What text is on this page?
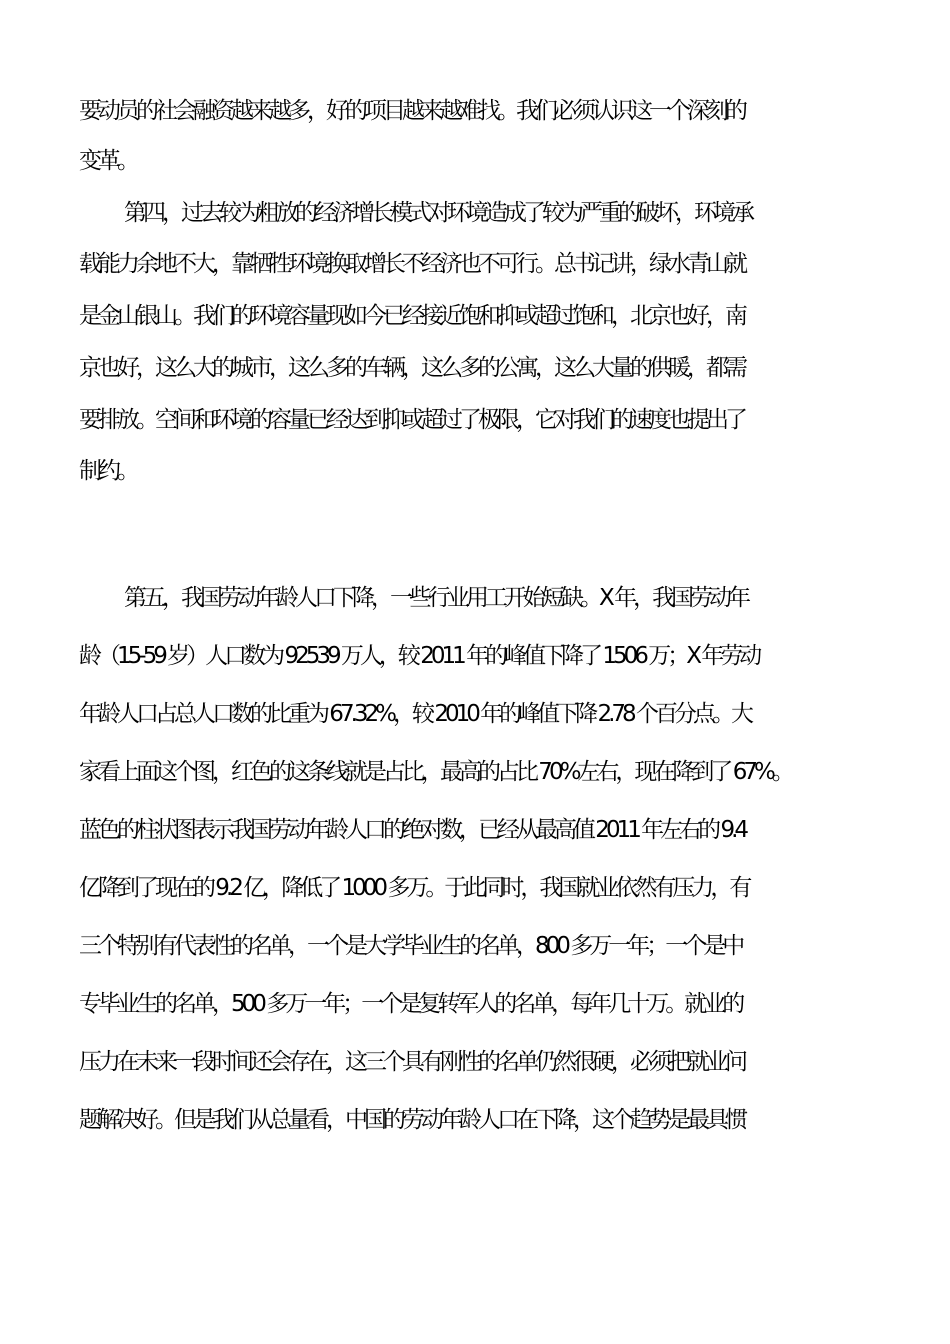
要动员的社会融资越来越多，好的项目越来越难找。我们必须认识这一个深刻的
变革。
第四，过去较为粗放的经济增长模式对环境造成了较为严重的破坏，环境承
载能力余地不大，靠牺牲环境换取增长不经济也不可行。总书记讲，绿水青山就
是金山银山。我们的环境容量现如今已经接近饱和抑或超过饱和，北京也好，南
京也好，这么大的城市，这么多的车辆，这么多的公寓，这么大量的供暖，都需
要排放。空间和环境的容量已经达到抑或超过了极限，它对我们的速度也提出了
制约。
第五，我国劳动年龄人口下降，一些行业用工开始短缺。X 年，我国劳动年
龄（15-59 岁）人口数为 92539 万人，较 2011 年的峰值下降了 1506 万；X 年劳动
年龄人口占总人口数的比重为 67.32%，较 2010 年的峰值下降 2.78 个百分点。大
家看上面这个图，红色的这条线就是占比，最高的占比 70%左右，现在降到了 67%。
蓝色的柱状图表示我国劳动年龄人口的绝对数，已经从最高值 2011 年左右的 9.4
亿降到了现在的 9.2 亿，降低了 1000 多万。于此同时，我国就业依然有压力，有
三个特别有代表性的名单，一个是大学毕业生的名单，800 多万一年；一个是中
专毕业生的名单，500 多万一年；一个是复转军人的名单，每年几十万。就业的
压力在未来一段时间还会存在，这三个具有刚性的名单仍然很硬，必须把就业问
题解决好。但是我们从总量看，中国的劳动年龄人口在下降，这个趋势是最具惯
